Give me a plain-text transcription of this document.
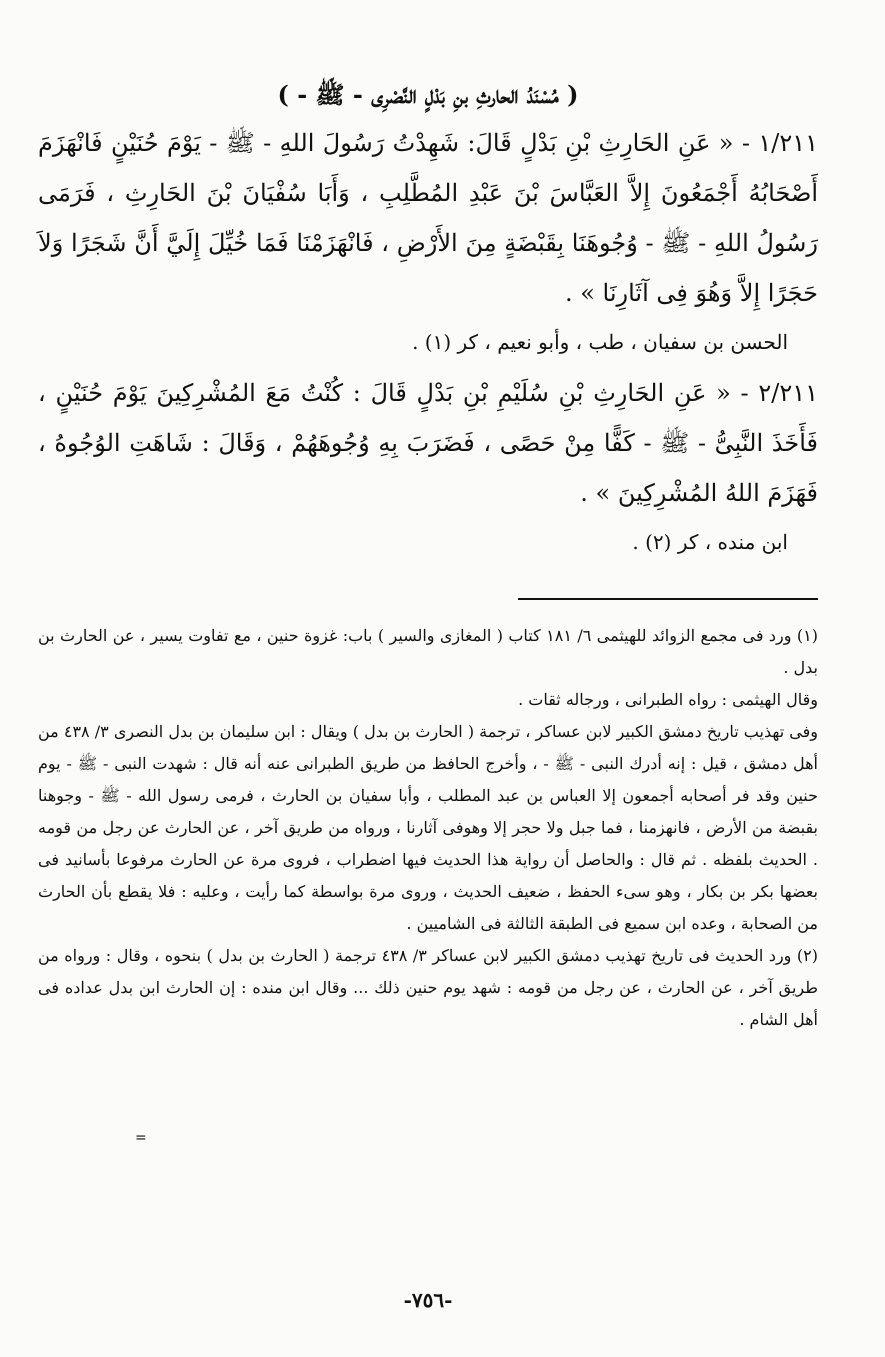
( مُسْنَدُ الحارثِ بنِ بَدْلٍ النَّصْرِى - ﷺ - )

١/٢١١ - « عَنِ الحَارِثِ بْنِ بَدْلٍ قَالَ: شَهِدْتُ رَسُولَ اللهِ - ﷺ - يَوْمَ حُنَيْنٍ فَانْهَزَمَ أَصْحَابُهُ أَجْمَعُونَ إِلاَّ العَبَّاسَ بْنَ عَبْدِ المُطَّلِبِ ، وَأَبَا سُفْيَانَ بْنَ الحَارِثِ ، فَرَمَى رَسُولُ اللهِ - ﷺ - وُجُوهَنَا بِقَبْضَةٍ مِنَ الأَرْضِ ، فَانْهَزَمْنَا فَمَا خُيِّلَ إِلَيَّ أَنَّ شَجَرًا وَلاَ حَجَرًا إِلاَّ وَهُوَ فِى آثَارِنَا » .

الحسن بن سفيان ، طب ، وأبو نعيم ، كر (١) .

٢/٢١١ - « عَنِ الحَارِثِ بْنِ سُلَيْمِ بْنِ بَدْلٍ قَالَ : كُنْتُ مَعَ المُشْرِكِينَ يَوْمَ حُنَيْنٍ ، فَأَخَذَ النَّبِىُّ - ﷺ - كَفًّا مِنْ حَصًى ، فَضَرَبَ بِهِ وُجُوهَهُمْ ، وَقَالَ : شَاهَتِ الوُجُوهُ ، فَهَزَمَ اللهُ المُشْرِكِينَ » .

ابن منده ، كر (٢) .

(١) ورد فى مجمع الزوائد للهيثمى ٦/ ١٨١ كتاب ( المغازى والسير ) باب: غزوة حنين ، مع تفاوت يسير ، عن الحارث بن بدل .

وقال الهيثمى : رواه الطبرانى ، ورجاله ثقات .

وفى تهذيب تاريخ دمشق الكبير لابن عساكر ، ترجمة ( الحارث بن بدل ) ويقال : ابن سليمان بن بدل النصرى ٣/ ٤٣٨ من أهل دمشق ، قيل : إنه أدرك النبى - ﷺ - ، وأخرج الحافظ من طريق الطبرانى عنه أنه قال : شهدت النبى - ﷺ - يوم حنين وقد فر أصحابه أجمعون إلا العباس بن عبد المطلب ، وأبا سفيان بن الحارث ، فرمى رسول الله - ﷺ - وجوهنا بقبضة من الأرض ، فانهزمنا ، فما جبل ولا حجر إلا وهوفى آثارنا ، ورواه من طريق آخر ، عن الحارث عن رجل من قومه . الحديث بلفظه . ثم قال : والحاصل أن رواية هذا الحديث فيها اضطراب ، فروى مرة عن الحارث مرفوعا بأسانيد فى بعضها بكر بن بكار ، وهو سىء الحفظ ، ضعيف الحديث ، وروى مرة بواسطة كما رأيت ، وعليه : فلا يقطع بأن الحارث من الصحابة ، وعده ابن سميع فى الطبقة الثالثة فى الشاميين .

(٢) ورد الحديث فى تاريخ تهذيب دمشق الكبير لابن عساكر ٣/ ٤٣٨ ترجمة ( الحارث بن بدل ) بنحوه ، وقال : ورواه من طريق آخر ، عن الحارث ، عن رجل من قومه : شهد يوم حنين ذلك ... وقال ابن منده : إن الحارث ابن بدل عداده فى أهل الشام .

-٧٥٦-
=
